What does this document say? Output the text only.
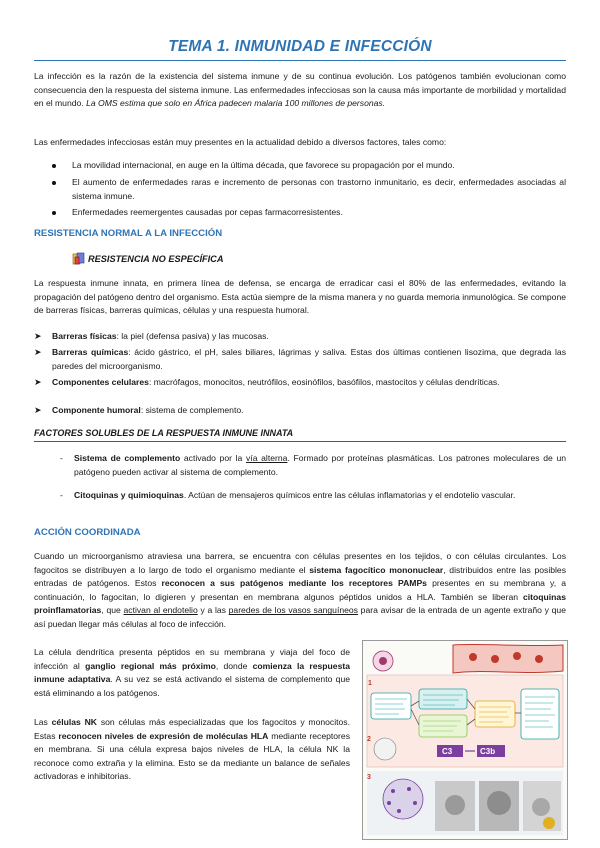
TEMA 1. INMUNIDAD E INFECCIÓN
La infección es la razón de la existencia del sistema inmune y de su continua evolución. Los patógenos también evolucionan como consecuencia den la respuesta del sistema inmune. Las enfermedades infecciosas son la causa más importante de morbilidad y mortalidad en el mundo. La OMS estima que solo en África padecen malaria 100 millones de personas.
Las enfermedades infecciosas están muy presentes en la actualidad debido a diversos factores, tales como:
La movilidad internacional, en auge en la última década, que favorece su propagación por el mundo.
El aumento de enfermedades raras e incremento de personas con trastorno inmunitario, es decir, enfermedades asociadas al sistema inmune.
Enfermedades reemergentes causadas por cepas farmacorresistentes.
RESISTENCIA NORMAL A LA INFECCIÓN
RESISTENCIA NO ESPECÍFICA
La respuesta inmune innata, en primera línea de defensa, se encarga de erradicar casi el 80% de las enfermedades, evitando la propagación del patógeno dentro del organismo. Esta actúa siempre de la misma manera y no guarda memoria inmunológica. Se compone de barreras físicas, barreras químicas, células y una respuesta humoral.
➤ Barreras físicas: la piel (defensa pasiva) y las mucosas.
➤ Barreras químicas: ácido gástrico, el pH, sales biliares, lágrimas y saliva. Estas dos últimas contienen lisozima, que degrada las paredes del microorganismo.
➤ Componentes celulares: macrófagos, monocitos, neutrófilos, eosinófilos, basófilos, mastocitos y células dendríticas.
➤ Componente humoral: sistema de complemento.
FACTORES SOLUBLES DE LA RESPUESTA INMUNE INNATA
- Sistema de complemento activado por la vía alterna. Formado por proteínas plasmáticas. Los patrones moleculares de un patógeno pueden activar al sistema de complemento.
- Citoquinas y quimioquinas. Actúan de mensajeros químicos entre las células inflamatorias y el endotelio vascular.
ACCIÓN COORDINADA
Cuando un microorganismo atraviesa una barrera, se encuentra con células presentes en los tejidos, o con células circulantes. Los fagocitos se distribuyen a lo largo de todo el organismo mediante el sistema fagocítico mononuclear, distribuidos entre las posibles entradas de patógenos. Estos reconocen a sus patógenos mediante los receptores PAMPs presentes en su membrana y, a continuación, lo fagocitan, lo digieren y presentan en membrana algunos péptidos unidos a HLA. También se liberan citoquinas proinflamatorias, que activan al endotelio y a las paredes de los vasos sanguíneos para avisar de la entrada de un agente extraño y que así puedan llegar más células al foco de infección.
La célula dendrítica presenta péptidos en su membrana y viaja del foco de infección al ganglio regional más próximo, donde comienza la respuesta inmune adaptativa. A su vez se está activando el sistema de complemento que está eliminando a los patógenos.
Las células NK son células más especializadas que los fagocitos y monocitos. Estas reconocen niveles de expresión de moléculas HLA mediante receptores en membrana. Si una célula expresa bajos niveles de HLA, la célula NK la reconoce como extraña y la elimina. Esto se da mediante un balance de señales activadoras e inhibitorias.
1
C3	C3b
2
3
